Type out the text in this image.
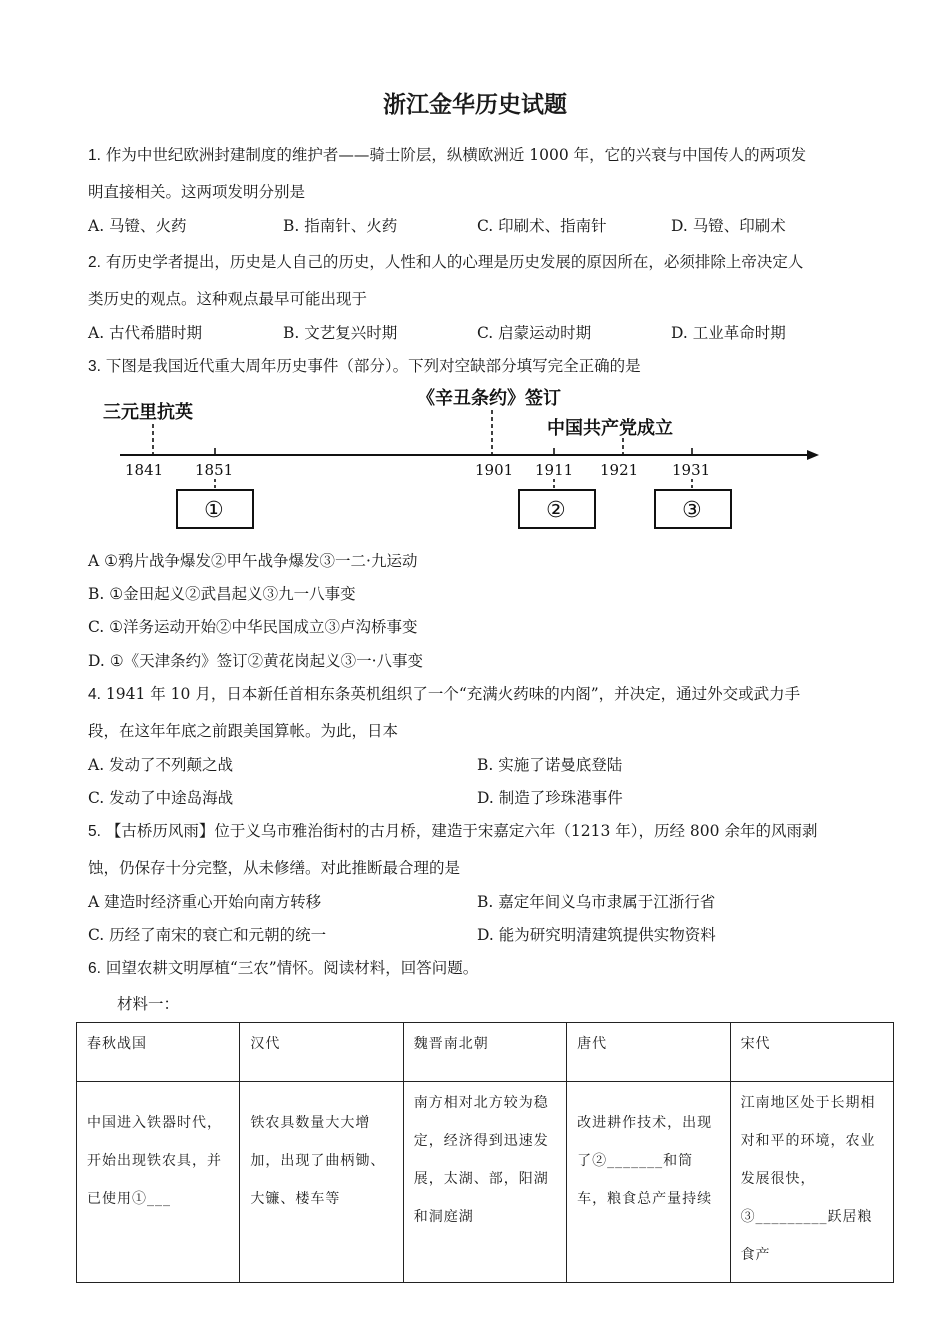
浙江金华历史试题
1. 作为中世纪欧洲封建制度的维护者——骑士阶层，纵横欧洲近 1000 年，它的兴衰与中国传人的两项发
明直接相关。这两项发明分别是
A. 马镫、火药	B. 指南针、火药	C. 印刷术、指南针	D. 马镫、印刷术
2. 有历史学者提出，历史是人自己的历史，人性和人的心理是历史发展的原因所在，必须排除上帝决定人
类历史的观点。这种观点最早可能出现于
A. 古代希腊时期	B. 文艺复兴时期	C. 启蒙运动时期	D. 工业革命时期
3. 下图是我国近代重大周年历史事件（部分）。下列对空缺部分填写完全正确的是
三元里抗英
《辛丑条约》签订
中国共产党成立
1841 1851	1901 1911 1921 1931
①	②	③
A ①鸦片战争爆发②甲午战争爆发③一二·九运动
B. ①金田起义②武昌起义③九一八事变
C. ①洋务运动开始②中华民国成立③卢沟桥事变
D. ①《天津条约》签订②黄花岗起义③一·八事变
4. 1941 年 10 月，日本新任首相东条英机组织了一个“充满火药味的内阁”，并决定，通过外交或武力手
段，在这年年底之前跟美国算帐。为此，日本
A. 发动了不列颠之战	B. 实施了诺曼底登陆
C. 发动了中途岛海战	D. 制造了珍珠港事件
5. 【古桥历风雨】位于义乌市雅治街村的古月桥，建造于宋嘉定六年（1213 年），历经 800 余年的风雨剥
蚀，仍保存十分完整，从未修缮。对此推断最合理的是
A 建造时经济重心开始向南方转移	B. 嘉定年间义乌市隶属于江浙行省
C. 历经了南宋的衰亡和元朝的统一	D. 能为研究明清建筑提供实物资料
6. 回望农耕文明厚植“三农”情怀。阅读材料，回答问题。
材料一：
春秋战国	汉代	魏晋南北朝	唐代	宋代
中国进入铁器时代，开始出现铁农具，并已使用①___	铁农具数量大大增加，出现了曲柄锄、大镰、楼车等	南方相对北方较为稳定，经济得到迅速发展，太湖、部，阳湖和洞庭湖	改进耕作技术，出现了②_______和筒车，粮食总产量持续	江南地区处于长期相对和平的环境，农业发展很快，③_________跃居粮食产
